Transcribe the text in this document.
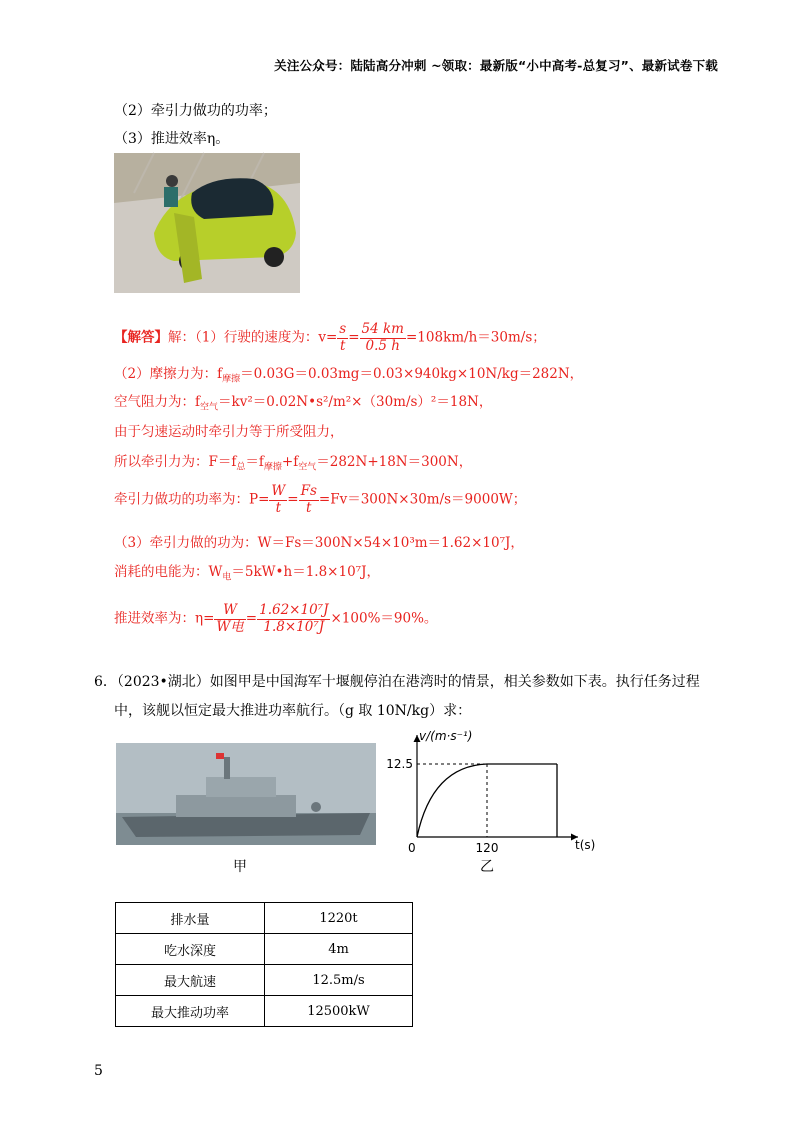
关注公众号：陆陆高分冲刺 ~领取：最新版“小中高考-总复习”、最新试卷下载
（2）牵引力做功的功率；
（3）推进效率η。
【解答】解：（1）行驶的速度为：$v= \frac{s}{t} = \frac{54 km}{0.5 h} =108km/h=30m/s$；
（2）摩擦力为：$f_{摩擦}=0.03G=0.03mg=0.03\times 940kg\times 10N/kg=282N$，
空气阻力为：$f_{空气}=kv^2=0.02N•s^2/m^2\times(30m/s)^2=18N$，
由于匀速运动时牵引力等于所受阻力，
所以牵引力为：$F=f_总=f_{摩擦}+f_{空气}=282N+18N=300N$，
牵引力做功的功率为：$P= \frac{W}{t} = \frac{Fs}{t} =Fv=300N\times 30m/s=9000W$；
（3）牵引力做的功为：W＝Fs＝300N×54×10³m＝1.62×10⁷J，
消耗的电能为：$W_电=5kW•h=1.8\times 10^7J$，
推进效率为：$\eta= \frac{W}{\text{W电}} = \frac{\text{1.62×10⁷J}}{\text{1.8×10⁷J}} \times 100\%=90\%$。
6．（2023•湖北）如图甲是中国海军十堰舰停泊在港湾时的情景，相关参数如下表。执行任务过程
中，该舰以恒定最大推进功率航行。（g 取 10N/kg）求：
甲
v/(m·s⁻¹)
t(s)
0	120
12.5
乙
排水量	1220t
吃水深度	4m
最大航速	12.5m/s
最大推动功率	12500kW
5
